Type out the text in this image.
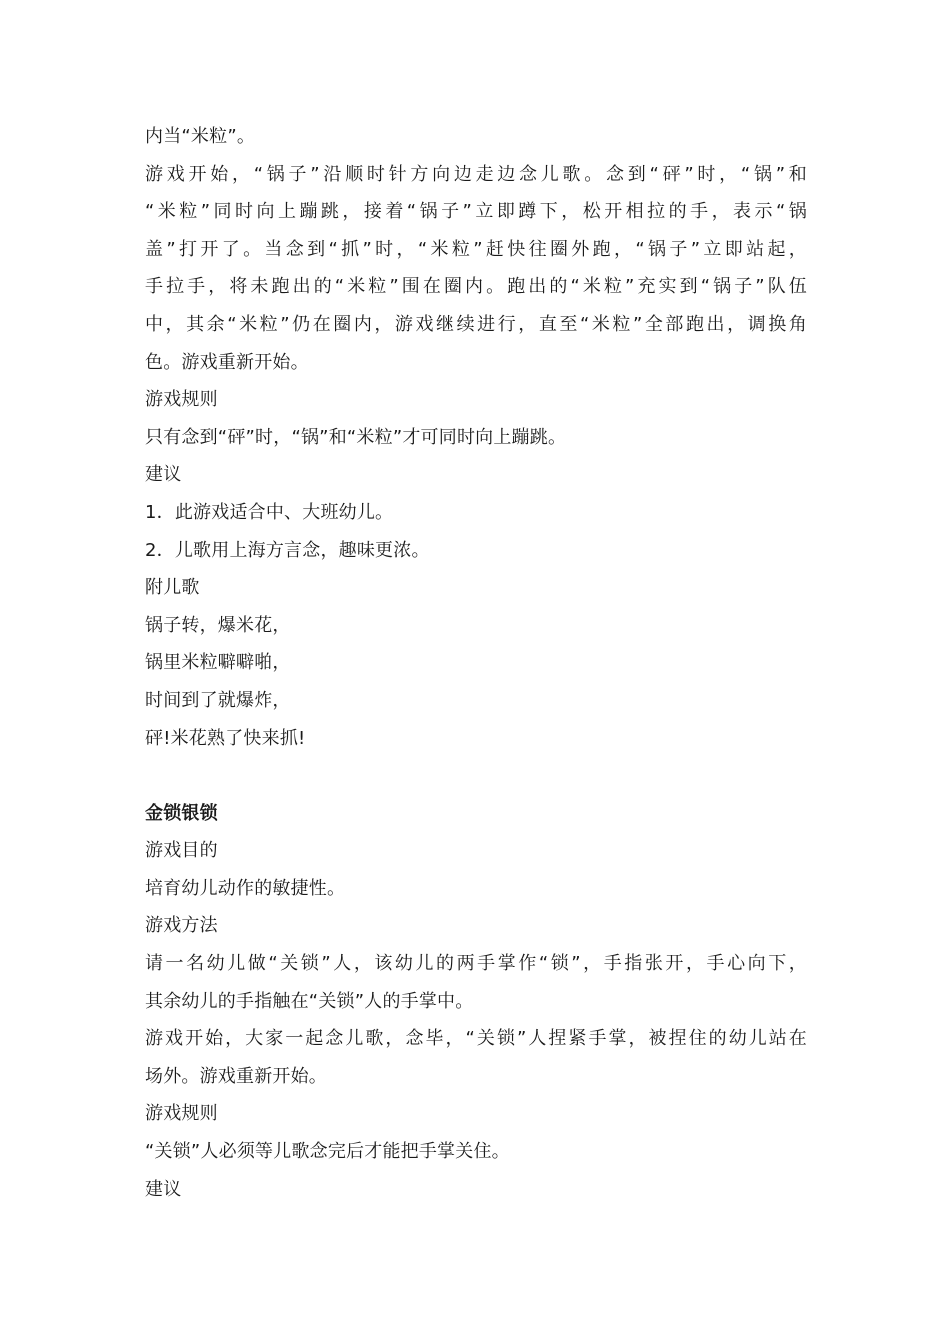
内当“米粒”。
游戏开始，“锅子”沿顺时针方向边走边念儿歌。念到“砰”时，“锅”和
“米粒”同时向上蹦跳，接着“锅子”立即蹲下，松开相拉的手，表示“锅
盖”打开了。当念到“抓”时，“米粒”赶快往圈外跑，“锅子”立即站起，
手拉手，将未跑出的“米粒”围在圈内。跑出的“米粒”充实到“锅子”队伍
中，其余“米粒”仍在圈内，游戏继续进行，直至“米粒”全部跑出，调换角
色。游戏重新开始。
游戏规则
只有念到“砰”时，“锅”和“米粒”才可同时向上蹦跳。
建议
1．此游戏适合中、大班幼儿。
2．儿歌用上海方言念，趣味更浓。
附儿歌
锅子转，爆米花，
锅里米粒噼噼啪，
时间到了就爆炸，
砰!米花熟了快来抓!
金锁银锁
游戏目的
培育幼儿动作的敏捷性。
游戏方法
请一名幼儿做“关锁”人，该幼儿的两手掌作“锁”，手指张开，手心向下，
其余幼儿的手指触在“关锁”人的手掌中。
游戏开始，大家一起念儿歌，念毕，“关锁”人捏紧手掌，被捏住的幼儿站在
场外。游戏重新开始。
游戏规则
“关锁”人必须等儿歌念完后才能把手掌关住。
建议
